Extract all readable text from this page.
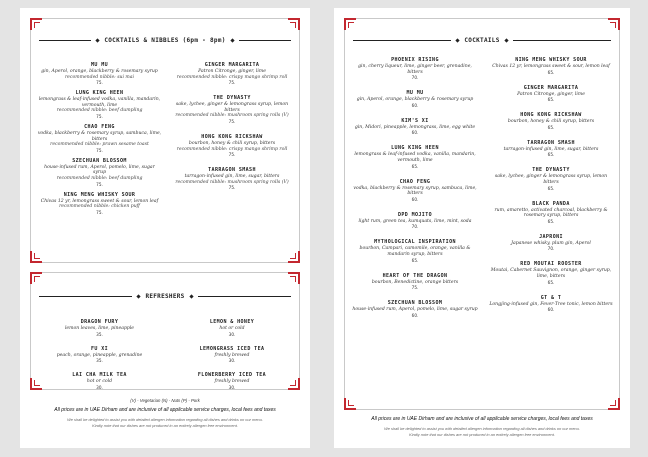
COCKTAILS & NIBBLES (6pm - 8pm)
MU MU
gin, Aperol, orange, blackberry & rosemary syrup
recommended nibble: sui mai
75.
LUNG KING HEEN
lemongrass & leaf-infused vodka, vanilla, mandarin, vermouth, lime
recommended nibble: beef dumpling
75.
CHAO FENG
vodka, blackberry & rosemary syrup, sambuca, lime, bitters
recommended nibble: prawn sesame toast
75.
SZECHUAN BLOSSOM
house-infused rum, Aperol, pomelo, lime, sugar syrup
recommended nibble: beef dumpling
75.
NING MENG WHISKY SOUR
Chivas 12 yr, lemongrass sweet & sour, lemon leaf
recommended nibble: chicken puff
75.
GINGER MARGARITA
Patron Citronge, ginger, lime
recommended nibble: crispy mango shrimp roll
75.
THE DYNASTY
sake, lychee, ginger & lemongrass syrup, lemon bitters
recommended nibble: mushroom spring rolls (V)
75.
HONG KONG RICKSHAW
bourbon, honey & chili syrup, bitters
recommended nibble: crispy mango shrimp roll
75.
TARRAGON SMASH
tarragon-infused gin, lime, sugar, bitters
recommended nibble: mushroom spring rolls (V)
75.
REFRESHERS
DRAGON FURY
lemon leaves, lime, pineapple
35.
FU XI
peach, orange, pineapple, grenadine
35.
LAI CHA MILK TEA
hot or cold
30.
LEMON & HONEY
hot or cold
30.
LEMONGRASS ICED TEA
freshly brewed
30.
FLOWERBERRY ICED TEA
freshly brewed
30.
(V) - Vegetarian (N) - Nuts (P) - Pork
All prices are in UAE Dirham and are inclusive of all applicable service charges, local fees and taxes
We shall be delighted to assist you with detailed allergen information regarding all dishes and drinks on our menu.
Kindly note that our dishes are not produced in an entirely allergen free environment.
COCKTAILS
PHOENIX RISING
gin, cherry liqueur, lime, ginger beer, grenadine, bitters
70.
MU MU
gin, Aperol, orange, blackberry & rosemary syrup
60.
KIM'S XI
gin, Midori, pineapple, lemongrass, lime, egg white
60.
LUNG KING HEEN
lemongrass & leaf-infused vodka, vanilla, mandarin, vermouth, lime
65.
CHAO FENG
vodka, blackberry & rosemary syrup, sambuca, lime, bitters
60.
DPD MOJITO
light rum, green tea, kumquats, lime, mint, soda
70.
MYTHOLOGICAL INSPIRATION
bourbon, Campari, camomile, orange, vanilla & mandarin syrup, bitters
65.
HEART OF THE DRAGON
bourbon, Benedictine, orange bitters
75.
SZECHUAN BLOSSOM
house-infused rum, Aperol, pomelo, lime, sugar syrup
60.
NING MENG WHISKY SOUR
Chivas 12 yr, lemongrass sweet & sour, lemon leaf
65.
GINGER MARGARITA
Patron Citronge, ginger, lime
65.
HONG KONG RICKSHAW
bourbon, honey & chili syrup, bitters
65.
TARRAGON SMASH
tarragon-infused gin, lime, sugar, bitters
65.
THE DYNASTY
sake, lychee, ginger & lemongrass syrup, lemon bitters
65.
BLACK PANDA
rum, amaretto, activated charcoal, blackberry & rosemary syrup, bitters
65.
JAPRONI
Japanese whisky, plum gin, Aperol
70.
RED MOUTAI ROOSTER
Moutai, Cabernet Sauvignon, orange, ginger syrup, lime, bitters
65.
GT & T
Longjing-infused gin, Fever-Tree tonic, lemon bitters
60.
All prices are in UAE Dirham and are inclusive of all applicable service charges, local fees and taxes
We shall be delighted to assist you with detailed allergen information regarding all dishes and drinks on our menu.
Kindly note that our dishes are not produced in an entirely allergen free environment.
